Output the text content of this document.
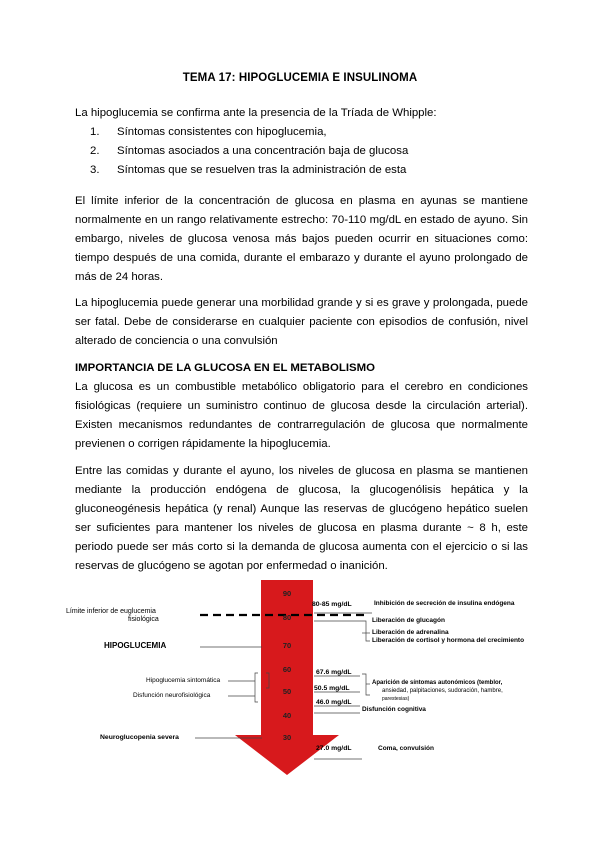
TEMA 17: HIPOGLUCEMIA E INSULINOMA
La hipoglucemia se confirma ante la presencia de la Tríada de Whipple:
1. Síntomas consistentes con hipoglucemia,
2. Síntomas asociados a una concentración baja de glucosa
3. Síntomas que se resuelven tras la administración de esta
El límite inferior de la concentración de glucosa en plasma en ayunas se mantiene normalmente en un rango relativamente estrecho: 70-110 mg/dL en estado de ayuno. Sin embargo, niveles de glucosa venosa más bajos pueden ocurrir en situaciones como: tiempo después de una comida, durante el embarazo y durante el ayuno prolongado de más de 24 horas.
La hipoglucemia puede generar una morbilidad grande y si es grave y prolongada, puede ser fatal. Debe de considerarse en cualquier paciente con episodios de confusión, nivel alterado de conciencia o una convulsión
IMPORTANCIA DE LA GLUCOSA EN EL METABOLISMO
La glucosa es un combustible metabólico obligatorio para el cerebro en condiciones fisiológicas (requiere un suministro continuo de glucosa desde la circulación arterial). Existen mecanismos redundantes de contrarregulación de glucosa que normalmente previenen o corrigen rápidamente la hipoglucemia.
Entre las comidas y durante el ayuno, los niveles de glucosa en plasma se mantienen mediante la producción endógena de glucosa, la glucogenólisis hepática y la gluconeogénesis hepática (y renal) Aunque las reservas de glucógeno hepático suelen ser suficientes para mantener los niveles de glucosa en plasma durante ~ 8 h, este periodo puede ser más corto si la demanda de glucosa aumenta con el ejercicio o si las reservas de glucógeno se agotan por enfermedad o inanición.
90
80
70
60
50
40
30
Límite inferior de euglucemia
fisiológica
HIPOGLUCEMIA
Hipoglucemia sintomática
Disfunción neurofisiológica
Neuroglucopenia severa
80-85 mg/dL
67.6 mg/dL
50.5 mg/dL
46.0 mg/dL
27.0 mg/dL
Inhibición de secreción de insulina endógena
Liberación de glucagón
Liberación de adrenalina
Liberación de cortisol y hormona del crecimiento
Aparición de síntomas autonómicos (temblor,
ansiedad, palpitaciones, sudoración, hambre,
parestesias)
Disfunción cognitiva
Coma, convulsión
